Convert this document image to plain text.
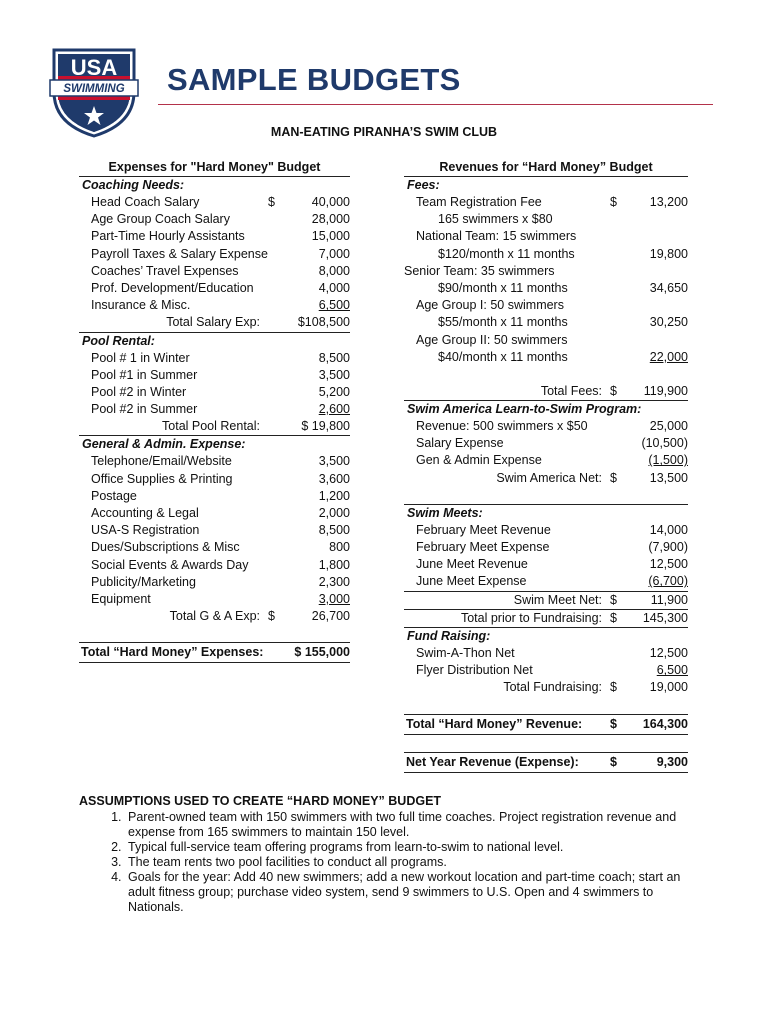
USA
SWIMMING SAMPLE BUDGETS
MAN-EATING PIRANHA’S SWIM CLUB
Expenses for "Hard Money" Budget
Coaching Needs:
Head Coach Salary	$	40,000
Age Group Coach Salary	28,000
Part-Time Hourly Assistants	15,000
Payroll Taxes & Salary Expense	7,000
Coaches’ Travel Expenses	8,000
Prof. Development/Education	4,000
Insurance & Misc.	6,500
Total Salary Exp:	$108,500
Pool Rental:
Pool # 1 in Winter	8,500
Pool #1 in Summer	3,500
Pool #2 in Winter	5,200
Pool #2 in Summer	2,600
Total Pool Rental:	$ 19,800
General & Admin. Expense:
Telephone/Email/Website	3,500
Office Supplies & Printing	3,600
Postage	1,200
Accounting & Legal	2,000
USA-S Registration	8,500
Dues/Subscriptions & Misc	800
Social Events & Awards Day	1,800
Publicity/Marketing	2,300
Equipment	3,000
Total G & A Exp: $	26,700
Total “Hard Money” Expenses:	$ 155,000
Revenues for “Hard Money” Budget
Fees:
Team Registration Fee	$	13,200
165 swimmers x $80
National Team: 15 swimmers
$120/month x 11 months	19,800
Senior Team: 35 swimmers
$90/month x 11 months	34,650
Age Group I: 50 swimmers
$55/month x 11 months	30,250
Age Group II: 50 swimmers
$40/month x 11 months	22,000
Total Fees: $	119,900
Swim America Learn-to-Swim Program:
Revenue: 500 swimmers x $50	25,000
Salary Expense	(10,500)
Gen & Admin Expense	(1,500)
Swim America Net: $	13,500
Swim Meets:
February Meet Revenue	14,000
February Meet Expense	(7,900)
June Meet Revenue	12,500
June Meet Expense	(6,700)
Swim Meet Net: $	11,900
Total prior to Fundraising: $	145,300
Fund Raising:
Swim-A-Thon Net	12,500
Flyer Distribution Net	6,500
Total Fundraising: $	19,000
Total “Hard Money” Revenue:	$	164,300
Net Year Revenue (Expense):	$	9,300
ASSUMPTIONS USED TO CREATE “HARD MONEY” BUDGET
1. Parent-owned team with 150 swimmers with two full time coaches. Project registration revenue and expense from 165 swimmers to maintain 150 level.
2. Typical full-service team offering programs from learn-to-swim to national level.
3. The team rents two pool facilities to conduct all programs.
4. Goals for the year: Add 40 new swimmers; add a new workout location and part-time coach; start an adult fitness group; purchase video system, send 9 swimmers to U.S. Open and 4 swimmers to Nationals.
